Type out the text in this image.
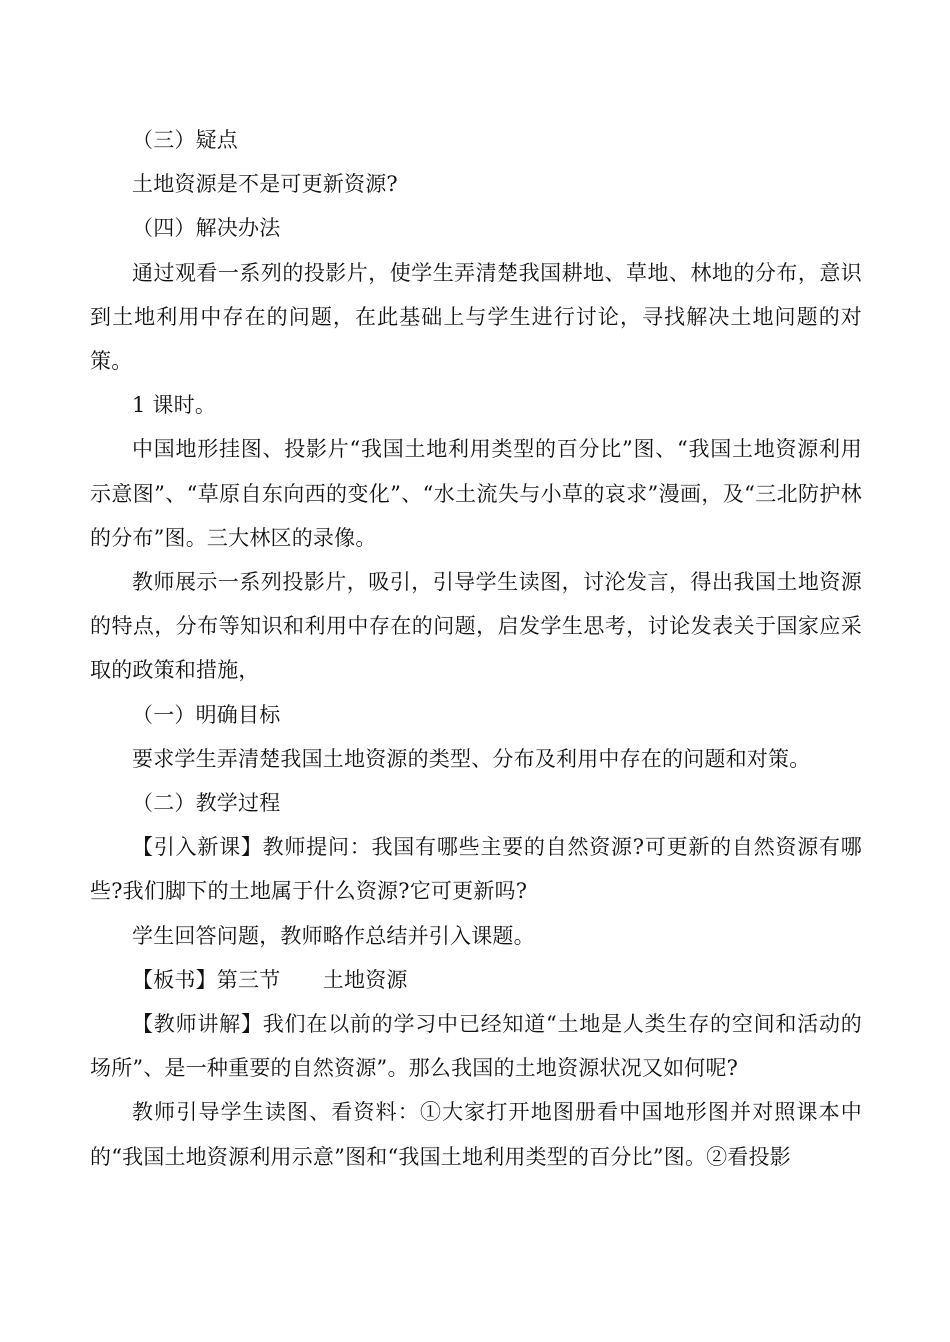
（三）疑点

土地资源是不是可更新资源?

（四）解决办法

通过观看一系列的投影片，使学生弄清楚我国耕地、草地、林地的分布，意识到土地利用中存在的问题，在此基础上与学生进行讨论，寻找解决土地问题的对策。

1 课时。

中国地形挂图、投影片“我国土地利用类型的百分比”图、“我国土地资源利用示意图”、“草原自东向西的变化”、“水土流失与小草的哀求”漫画，及“三北防护林的分布”图。三大林区的录像。

教师展示一系列投影片，吸引，引导学生读图，讨沦发言，得出我国土地资源的特点，分布等知识和利用中存在的问题，启发学生思考，讨论发表关于国家应采取的政策和措施，

（一）明确目标

要求学生弄清楚我国土地资源的类型、分布及利用中存在的问题和对策。

（二）教学过程

【引入新课】教师提问：我国有哪些主要的自然资源?可更新的自然资源有哪些?我们脚下的土地属于什么资源?它可更新吗?

学生回答问题，教师略作总结并引入课题。

【板书】第三节　　土地资源

【教师讲解】我们在以前的学习中已经知道“土地是人类生存的空间和活动的场所”、是一种重要的自然资源”。那么我国的土地资源状况又如何呢?

教师引导学生读图、看资料：①大家打开地图册看中国地形图并对照课本中的“我国土地资源利用示意”图和“我国土地利用类型的百分比”图。②看投影
